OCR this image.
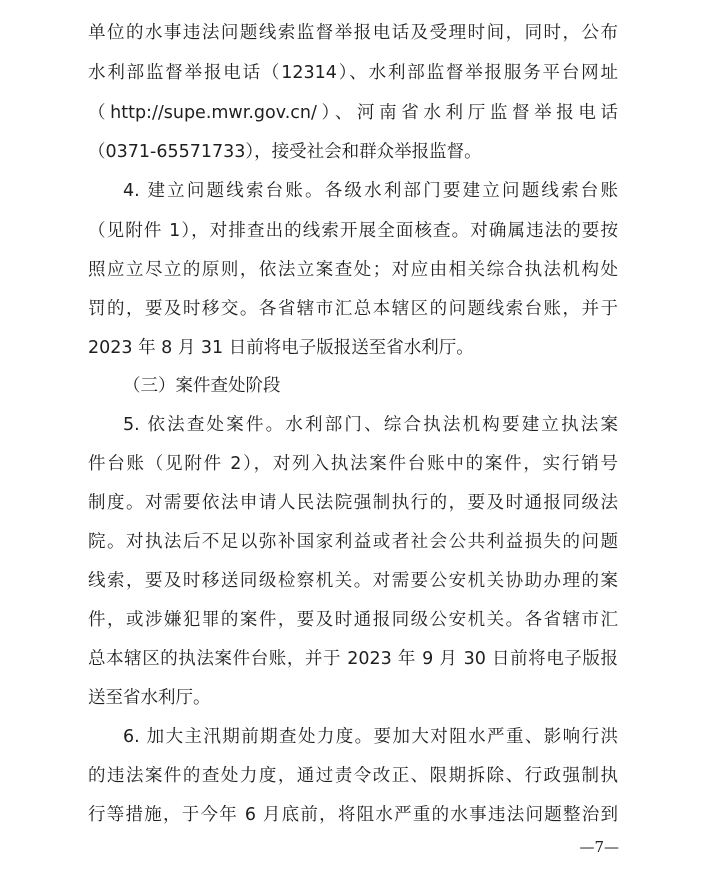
单位的水事违法问题线索监督举报电话及受理时间，同时，公布
水利部监督举报电话（12314）、水利部监督举报服务平台网址
（http://supe.mwr.gov.cn/）、河南省水利厅监督举报电话
（0371-65571733），接受社会和群众举报监督。
4. 建立问题线索台账。各级水利部门要建立问题线索台账
（见附件 1），对排查出的线索开展全面核查。对确属违法的要按
照应立尽立的原则，依法立案查处；对应由相关综合执法机构处
罚的，要及时移交。各省辖市汇总本辖区的问题线索台账，并于
2023 年 8 月 31 日前将电子版报送至省水利厅。
（三）案件查处阶段
5. 依法查处案件。水利部门、综合执法机构要建立执法案
件台账（见附件 2），对列入执法案件台账中的案件，实行销号
制度。对需要依法申请人民法院强制执行的，要及时通报同级法
院。对执法后不足以弥补国家利益或者社会公共利益损失的问题
线索，要及时移送同级检察机关。对需要公安机关协助办理的案
件，或涉嫌犯罪的案件，要及时通报同级公安机关。各省辖市汇
总本辖区的执法案件台账，并于 2023 年 9 月 30 日前将电子版报
送至省水利厅。
6. 加大主汛期前期查处力度。要加大对阻水严重、影响行洪
的违法案件的查处力度，通过责令改正、限期拆除、行政强制执
行等措施，于今年 6 月底前，将阻水严重的水事违法问题整治到
—7—
